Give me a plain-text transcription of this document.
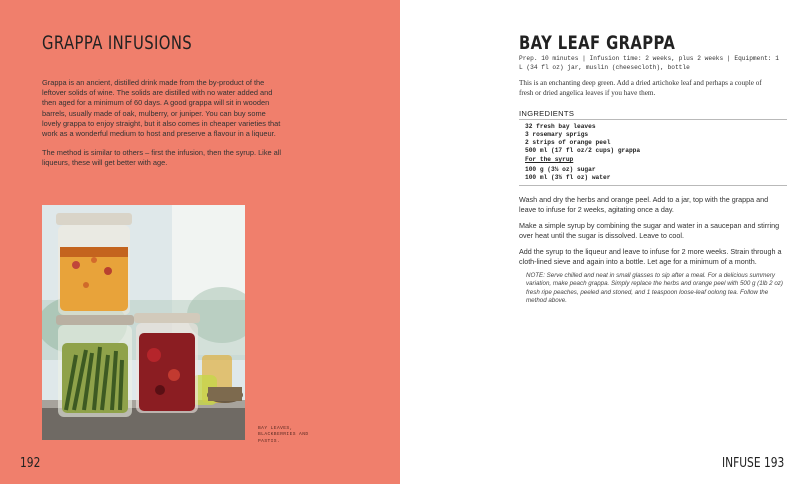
GRAPPA INFUSIONS

Grappa is an ancient, distilled drink made from the by-product of the leftover solids of wine. The solids are distilled with no water added and then aged for a minimum of 60 days. A good grappa will sit in wooden barrels, usually made of oak, mulberry, or juniper. You can buy some lovely grappa to enjoy straight, but it also comes in cheaper varieties that work as a wonderful medium to host and preserve a flavour in a liqueur.

The method is similar to others – first the infusion, then the syrup. Like all liqueurs, these will get better with age.

BAY LEAVES, BLACKBERRIES AND PASTIS.
192
BAY LEAF GRAPPA
Prep. 10 minutes | Infusion time: 2 weeks, plus 2 weeks | Equipment: 1 L (34 fl oz) jar, muslin (cheesecloth), bottle
This is an enchanting deep green. Add a dried artichoke leaf and perhaps a couple of fresh or dried angelica leaves if you have them.
INGREDIENTS
32 fresh bay leaves
3 rosemary sprigs
2 strips of orange peel
500 ml (17 fl oz/2 cups) grappa
For the syrup
100 g (3½ oz) sugar
100 ml (3½ fl oz) water

Wash and dry the herbs and orange peel. Add to a jar, top with the grappa and leave to infuse for 2 weeks, agitating once a day.

Make a simple syrup by combining the sugar and water in a saucepan and stirring over heat until the sugar is dissolved. Leave to cool.

Add the syrup to the liqueur and leave to infuse for 2 more weeks. Strain through a cloth-lined sieve and again into a bottle. Let age for a minimum of a month.

NOTE: Serve chilled and neat in small glasses to sip after a meal. For a delicious summery variation, make peach grappa. Simply replace the herbs and orange peel with 500 g (1lb 2 oz) fresh ripe peaches, peeled and stoned, and 1 teaspoon loose-leaf oolong tea. Follow the method above.
INFUSE 193
